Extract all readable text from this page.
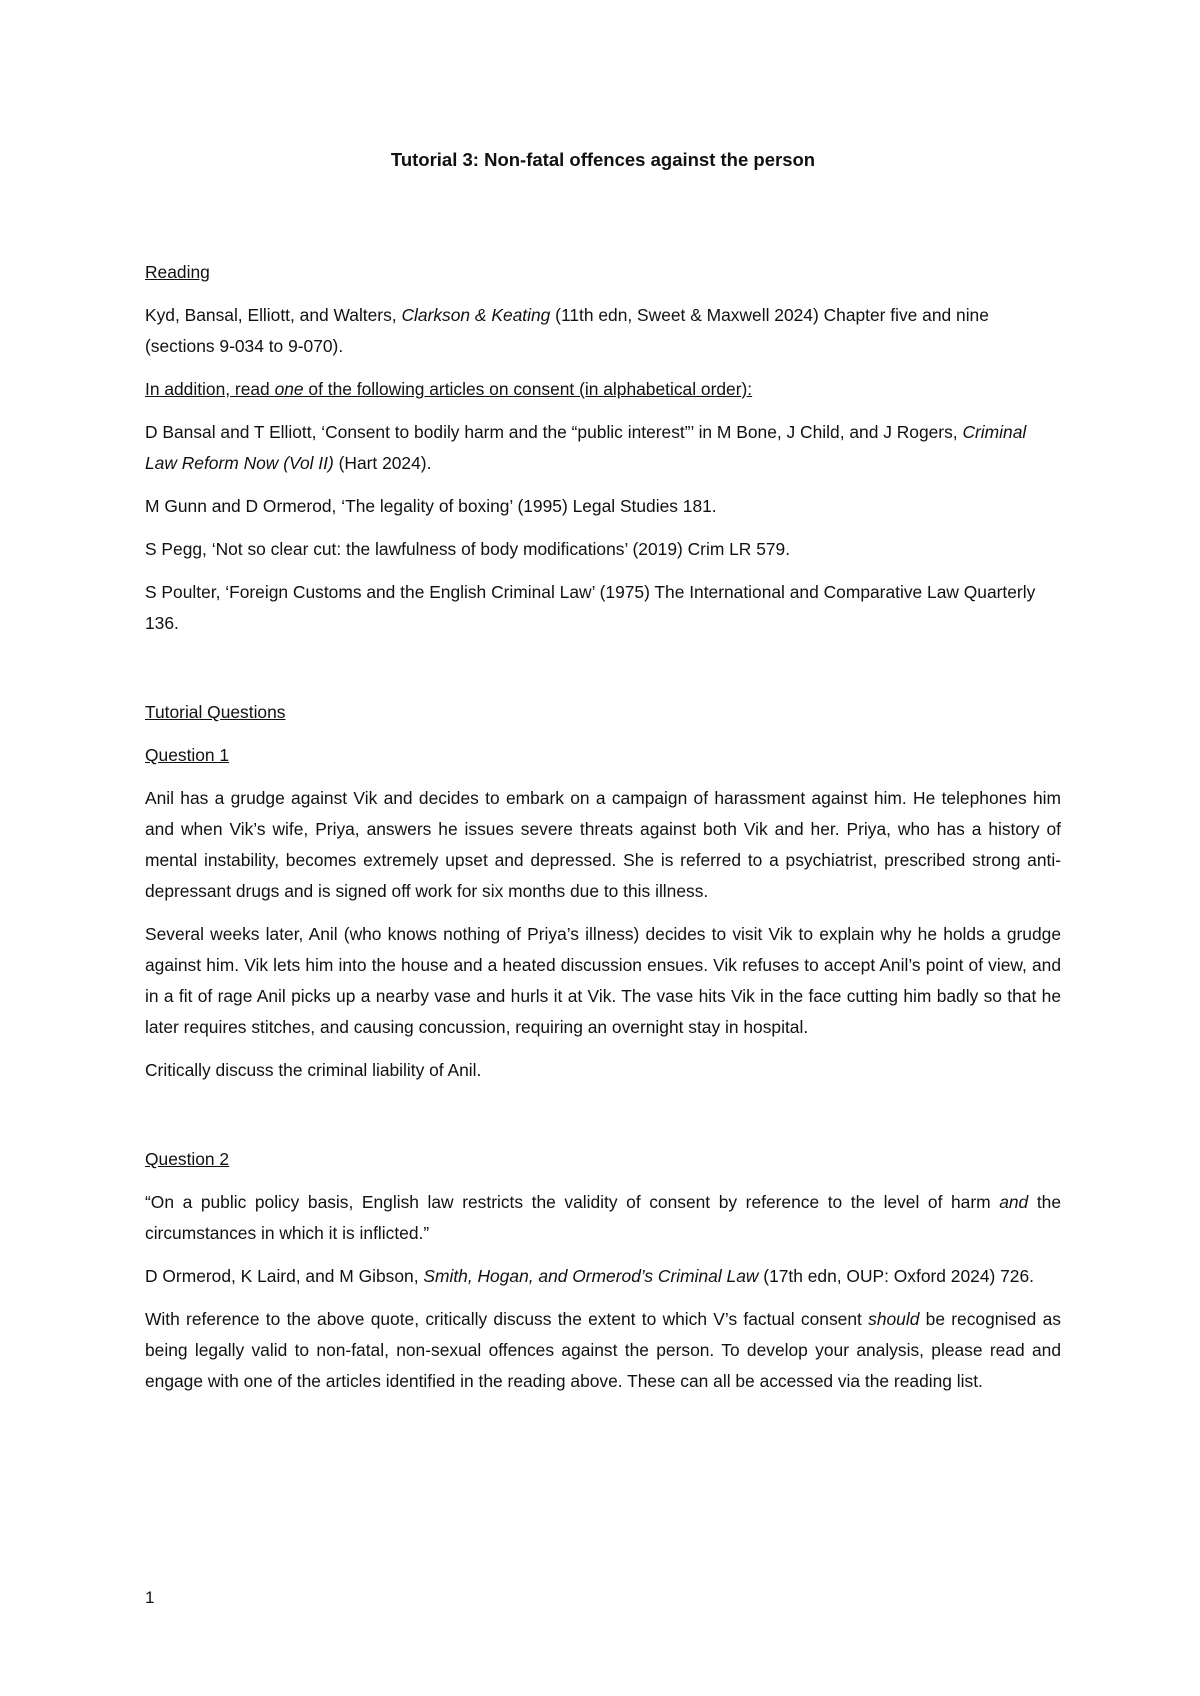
Tutorial 3: Non-fatal offences against the person
Reading

Kyd, Bansal, Elliott, and Walters, Clarkson & Keating (11th edn, Sweet & Maxwell 2024) Chapter five and nine (sections 9-034 to 9-070).

In addition, read one of the following articles on consent (in alphabetical order):

D Bansal and T Elliott, ‘Consent to bodily harm and the “public interest”’ in M Bone, J Child, and J Rogers, Criminal Law Reform Now (Vol II) (Hart 2024).

M Gunn and D Ormerod, ‘The legality of boxing’ (1995) Legal Studies 181.

S Pegg, ‘Not so clear cut: the lawfulness of body modifications’ (2019) Crim LR 579.

S Poulter, ‘Foreign Customs and the English Criminal Law’ (1975) The International and Comparative Law Quarterly 136.

Tutorial Questions
Question 1

Anil has a grudge against Vik and decides to embark on a campaign of harassment against him. He telephones him and when Vik’s wife, Priya, answers he issues severe threats against both Vik and her. Priya, who has a history of mental instability, becomes extremely upset and depressed. She is referred to a psychiatrist, prescribed strong anti-depressant drugs and is signed off work for six months due to this illness.

Several weeks later, Anil (who knows nothing of Priya’s illness) decides to visit Vik to explain why he holds a grudge against him. Vik lets him into the house and a heated discussion ensues. Vik refuses to accept Anil’s point of view, and in a fit of rage Anil picks up a nearby vase and hurls it at Vik. The vase hits Vik in the face cutting him badly so that he later requires stitches, and causing concussion, requiring an overnight stay in hospital.

Critically discuss the criminal liability of Anil.

Question 2

“On a public policy basis, English law restricts the validity of consent by reference to the level of harm and the circumstances in which it is inflicted.”

D Ormerod, K Laird, and M Gibson, Smith, Hogan, and Ormerod’s Criminal Law (17th edn, OUP: Oxford 2024) 726.

With reference to the above quote, critically discuss the extent to which V’s factual consent should be recognised as being legally valid to non-fatal, non-sexual offences against the person. To develop your analysis, please read and engage with one of the articles identified in the reading above. These can all be accessed via the reading list.

1
